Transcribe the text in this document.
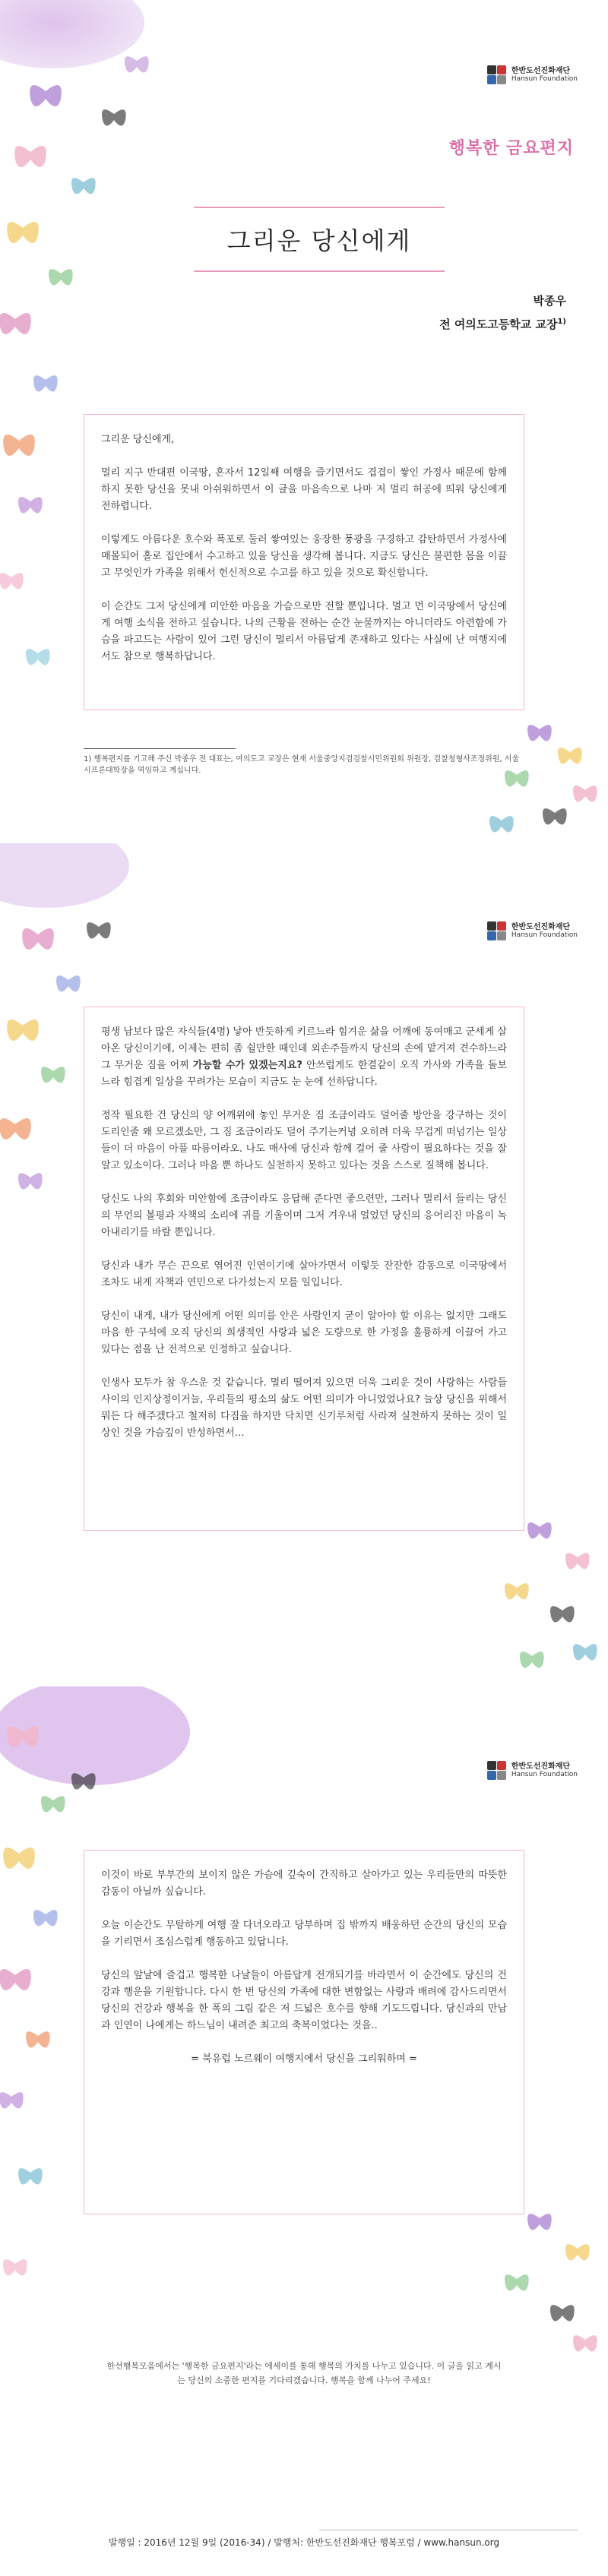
한반도선진화재단
Hansun Foundation
행복한 금요편지
그리운 당신에게
박종우
전 여의도고등학교 교장$^{1)}$

그리운 당신에게,

멀리 지구 반대편 이국땅, 혼자서 12일째 여행을 즐기면서도 겹겹이 쌓인 가정사 때문에 함께 하지 못한 당신을 못내 아쉬워하면서 이 글을 마음속으로 나마 저 멀리 허공에 띄워 당신에게 전하렵니다.

이렇게도 아름다운 호수와 폭포로 둘러 쌓여있는 웅장한 풍광을 구경하고 감탄하면서 가정사에 매몰되어 홀로 집안에서 수고하고 있을 당신을 생각해 봅니다. 지금도 당신은 불편한 몸을 이끌고 무엇인가 가족을 위해서 헌신적으로 수고를 하고 있을 것으로 확신합니다.

이 순간도 그저 당신에게 미안한 마음을 가슴으로만 전할 뿐입니다. 멀고 먼 이국땅에서 당신에게 여행 소식을 전하고 싶습니다. 나의 근황을 전하는 순간 눈물까지는 아니더라도 아련함에 가슴을 파고드는 사람이 있어 그런 당신이 멀리서 아름답게 존재하고 있다는 사실에 난 여행지에서도 참으로 행복하답니다.

1) 행복편지를 기고해 주신 박종우 전 대표는, 여의도고 교장은 현재 서울중앙지검검찰시민위원회 위원장, 검찰청형사조정위원, 서울시프론대학장을 역임하고 계십니다.
한반도선진화재단
Hansun Foundation

평생 남보다 많은 자식들(4명) 낳아 반듯하게 키르느라 힘겨운 삶을 어깨에 동여매고 군세게 살아온 당신이기에, 이제는 편히 좀 쉴만한 때인데 외손주들까지 당신의 손에 맡겨져 견수하느라 그 무거운 짐을 어찌 가능할 수가 있겠는지요? 안쓰럽게도 한결같이 오직 가사와 가족을 돌보느라 힘겹게 일상을 꾸려가는 모습이 지금도 눈 눈에 선하답니다.

정작 필요한 건 당신의 양 어깨위에 놓인 무거운 짐 조금이라도 덜어줄 방안을 강구하는 것이 도리인줄 왜 모르겠소만, 그 짐 조금이라도 덜어 주기는커녕 오히려 더욱 무겁게 떠넘기는 일상들이 더 마음이 아플 따름이라오. 나도 매사에 당신과 함께 걸어 줄 사람이 필요하다는 것을 잘 알고 있소이다. 그러나 마음 뿐 하나도 실천하지 못하고 있다는 것을 스스로 질책해 봅니다.

당신도 나의 후회와 미안함에 조금이라도 응답해 준다면 좋으련만, 그러나 멀리서 들리는 당신의 무언의 볼평과 자책의 소리에 귀를 기울이며 그저 겨우내 얼었던 당신의 응어리진 마음이 녹아내리기를 바랄 뿐입니다.

당신과 내가 무슨 끈으로 엮어진 인연이기에 살아가면서 이렇듯 잔잔한 감동으로 이국땅에서 조차도 내게 자책과 연민으로 다가섰는지 모를 일입니다.

당신이 내게, 내가 당신에게 어떤 의미를 안은 사람인지 굳이 알아야 할 이유는 없지만 그래도 마음 한 구석에 오직 당신의 희생적인 사랑과 넓은 도량으로 한 가정을 훌륭하게 이끌어 가고 있다는 점을 난 전적으로 인정하고 싶습니다.

인생사 모두가 참 우스운 것 같습니다. 멀리 떨어져 있으면 더욱 그리운 것이 사랑하는 사람들 사이의 인지상정이거늘, 우리들의 평소의 삶도 어떤 의미가 아니었었나요? 늘상 당신을 위해서 뭐든 다 해주겠다고 철저히 다짐을 하지만 닥치면 신기루처럼 사라져 실천하지 못하는 것이 일상인 것을 가슴깊이 반성하면서…

한반도선진화재단
Hansun Foundation

이것이 바로 부부간의 보이지 않은 가슴에 깊숙이 간직하고 살아가고 있는 우리들만의 따뜻한 감동이 아닐까 싶습니다.

오늘 이순간도 무탈하게 여행 잘 다녀오라고 당부하며 집 밖까지 배웅하던 순간의 당신의 모습을 기리면서 조심스럽게 행동하고 있답니다.

당신의 앞날에 즐겁고 행복한 나날들이 아름답게 전개되기를 바라면서 이 순간에도 당신의 건강과 행운을 기원합니다. 다시 한 번 당신의 가족에 대한 변함없는 사랑과 배려에 감사드리면서 당신의 건강과 행복을 한 폭의 그림 같은 저 드넓은 호수를 향해 기도드립니다. 당신과의 만남과 인연이 나에게는 하느님이 내려준 최고의 축복이었다는 것을..

= 북유럽 노르웨이 여행지에서 당신을 그리워하며 =

한선행복모음에서는 '행복한 금요편지'라는 에세이를 통해 행복의 가치를 나누고 있습니다. 이 글을 읽고 계시는 당신의 소중한 편지를 기다리겠습니다. 행복을 함께 나누어 주세요!
발행일 : 2016년 12월 9일 (2016-34) / 발행처: 한반도선진화재단 행복포럼 / www.hansun.org
